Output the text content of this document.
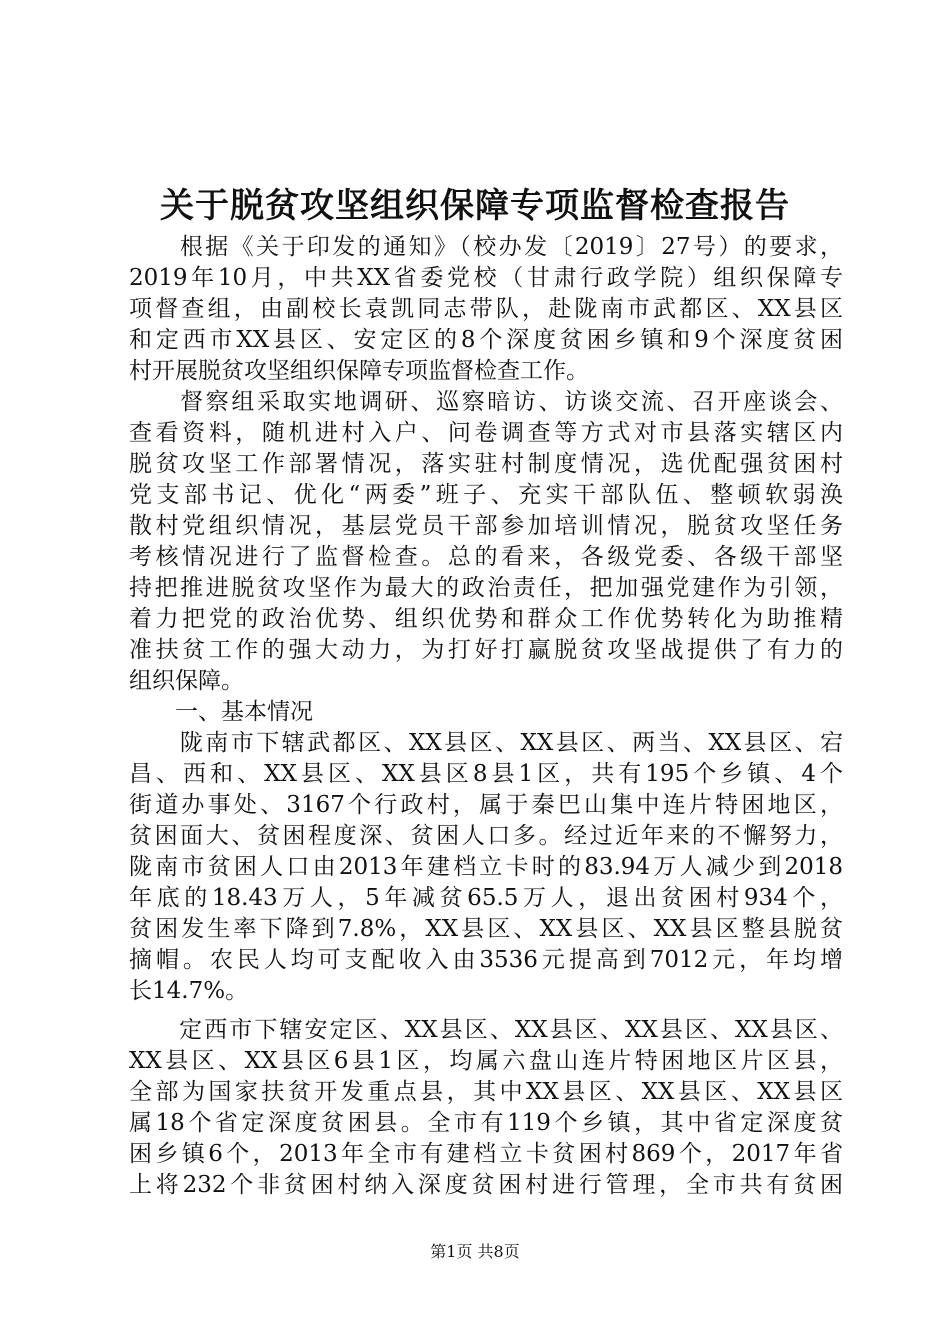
关于脱贫攻坚组织保障专项监督检查报告
　　根据《关于印发的通知》（校办发〔2019〕27号）的要求，
2019年10月，中共XX省委党校（甘肃行政学院）组织保障专
项督查组，由副校长袁凯同志带队，赴陇南市武都区、XX县区
和定西市XX县区、安定区的8个深度贫困乡镇和9个深度贫困
村开展脱贫攻坚组织保障专项监督检查工作。
　　督察组采取实地调研、巡察暗访、访谈交流、召开座谈会、
查看资料，随机进村入户、问卷调查等方式对市县落实辖区内
脱贫攻坚工作部署情况，落实驻村制度情况，选优配强贫困村
党支部书记、优化“两委”班子、充实干部队伍、整顿软弱涣
散村党组织情况，基层党员干部参加培训情况，脱贫攻坚任务
考核情况进行了监督检查。总的看来，各级党委、各级干部坚
持把推进脱贫攻坚作为最大的政治责任，把加强党建作为引领，
着力把党的政治优势、组织优势和群众工作优势转化为助推精
准扶贫工作的强大动力，为打好打赢脱贫攻坚战提供了有力的
组织保障。
　　一、基本情况
　　陇南市下辖武都区、XX县区、XX县区、两当、XX县区、宕
昌、西和、XX县区、XX县区8县1区，共有195个乡镇、4个
街道办事处、3167个行政村，属于秦巴山集中连片特困地区，
贫困面大、贫困程度深、贫困人口多。经过近年来的不懈努力，
陇南市贫困人口由2013年建档立卡时的83.94万人减少到2018
年底的18.43万人，5年减贫65.5万人，退出贫困村934个，
贫困发生率下降到7.8%，XX县区、XX县区、XX县区整县脱贫
摘帽。农民人均可支配收入由3536元提高到7012元，年均增
长14.7%。
　　定西市下辖安定区、XX县区、XX县区、XX县区、XX县区、
XX县区、XX县区6县1区，均属六盘山连片特困地区片区县，
全部为国家扶贫开发重点县，其中XX县区、XX县区、XX县区
属18个省定深度贫困县。全市有119个乡镇，其中省定深度贫
困乡镇6个，2013年全市有建档立卡贫困村869个，2017年省
上将232个非贫困村纳入深度贫困村进行管理，全市共有贫困
第1页 共8页
